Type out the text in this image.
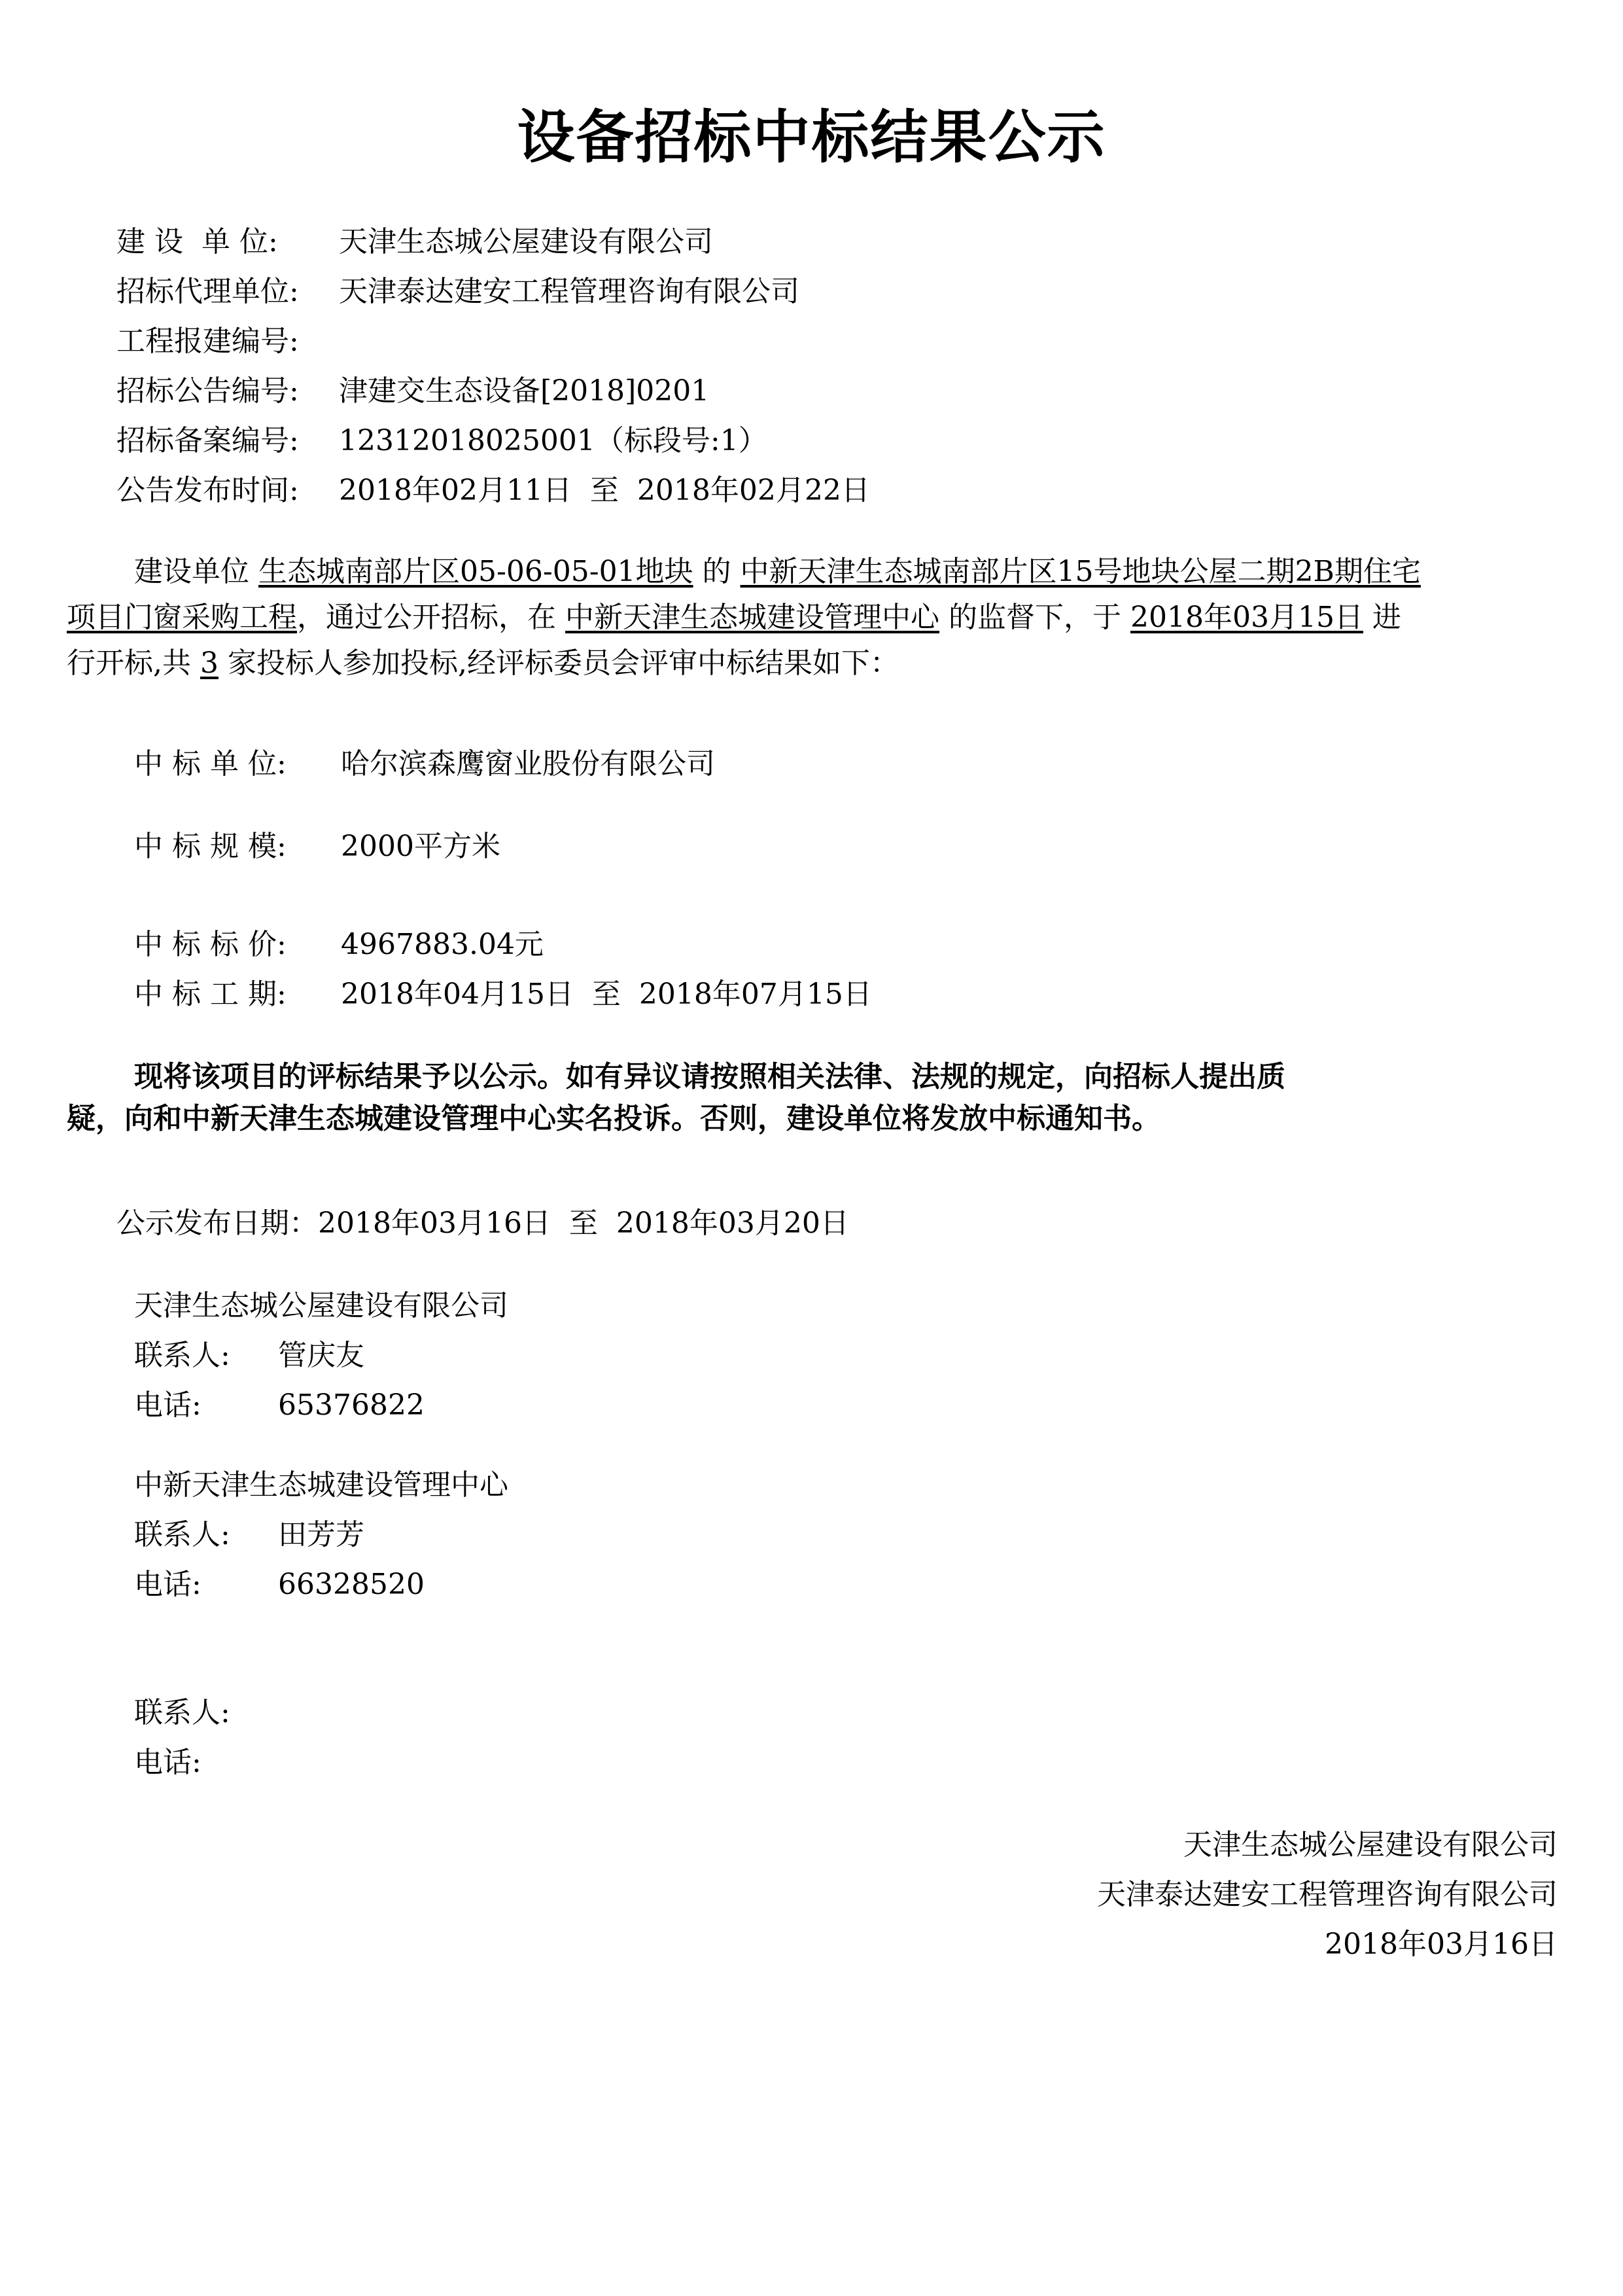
设备招标中标结果公示
建 设  单 位: 天津生态城公屋建设有限公司
招标代理单位: 天津泰达建安工程管理咨询有限公司
工程报建编号:
招标公告编号: 津建交生态设备[2018]0201
招标备案编号: 12312018025001（标段号:1）
公告发布时间: 2018年02月11日  至  2018年02月22日
建设单位 生态城南部片区05-06-05-01地块 的 中新天津生态城南部片区15号地块公屋二期2B期住宅
项目门窗采购工程，通过公开招标，在 中新天津生态城建设管理中心 的监督下，于 2018年03月15日 进
行开标,共 3 家投标人参加投标,经评标委员会评审中标结果如下：
中 标 单 位: 哈尔滨森鹰窗业股份有限公司
中 标 规 模: 2000平方米
中 标 标 价: 4967883.04元
中 标 工 期: 2018年04月15日  至  2018年07月15日
现将该项目的评标结果予以公示。如有异议请按照相关法律、法规的规定，向招标人提出质
疑，向和中新天津生态城建设管理中心实名投诉。否则，建设单位将发放中标通知书。
公示发布日期：2018年03月16日  至  2018年03月20日
天津生态城公屋建设有限公司
联系人: 管庆友
电话:	65376822
中新天津生态城建设管理中心
联系人: 田芳芳
电话:	66328520
联系人:
电话:
天津生态城公屋建设有限公司
天津泰达建安工程管理咨询有限公司
2018年03月16日
